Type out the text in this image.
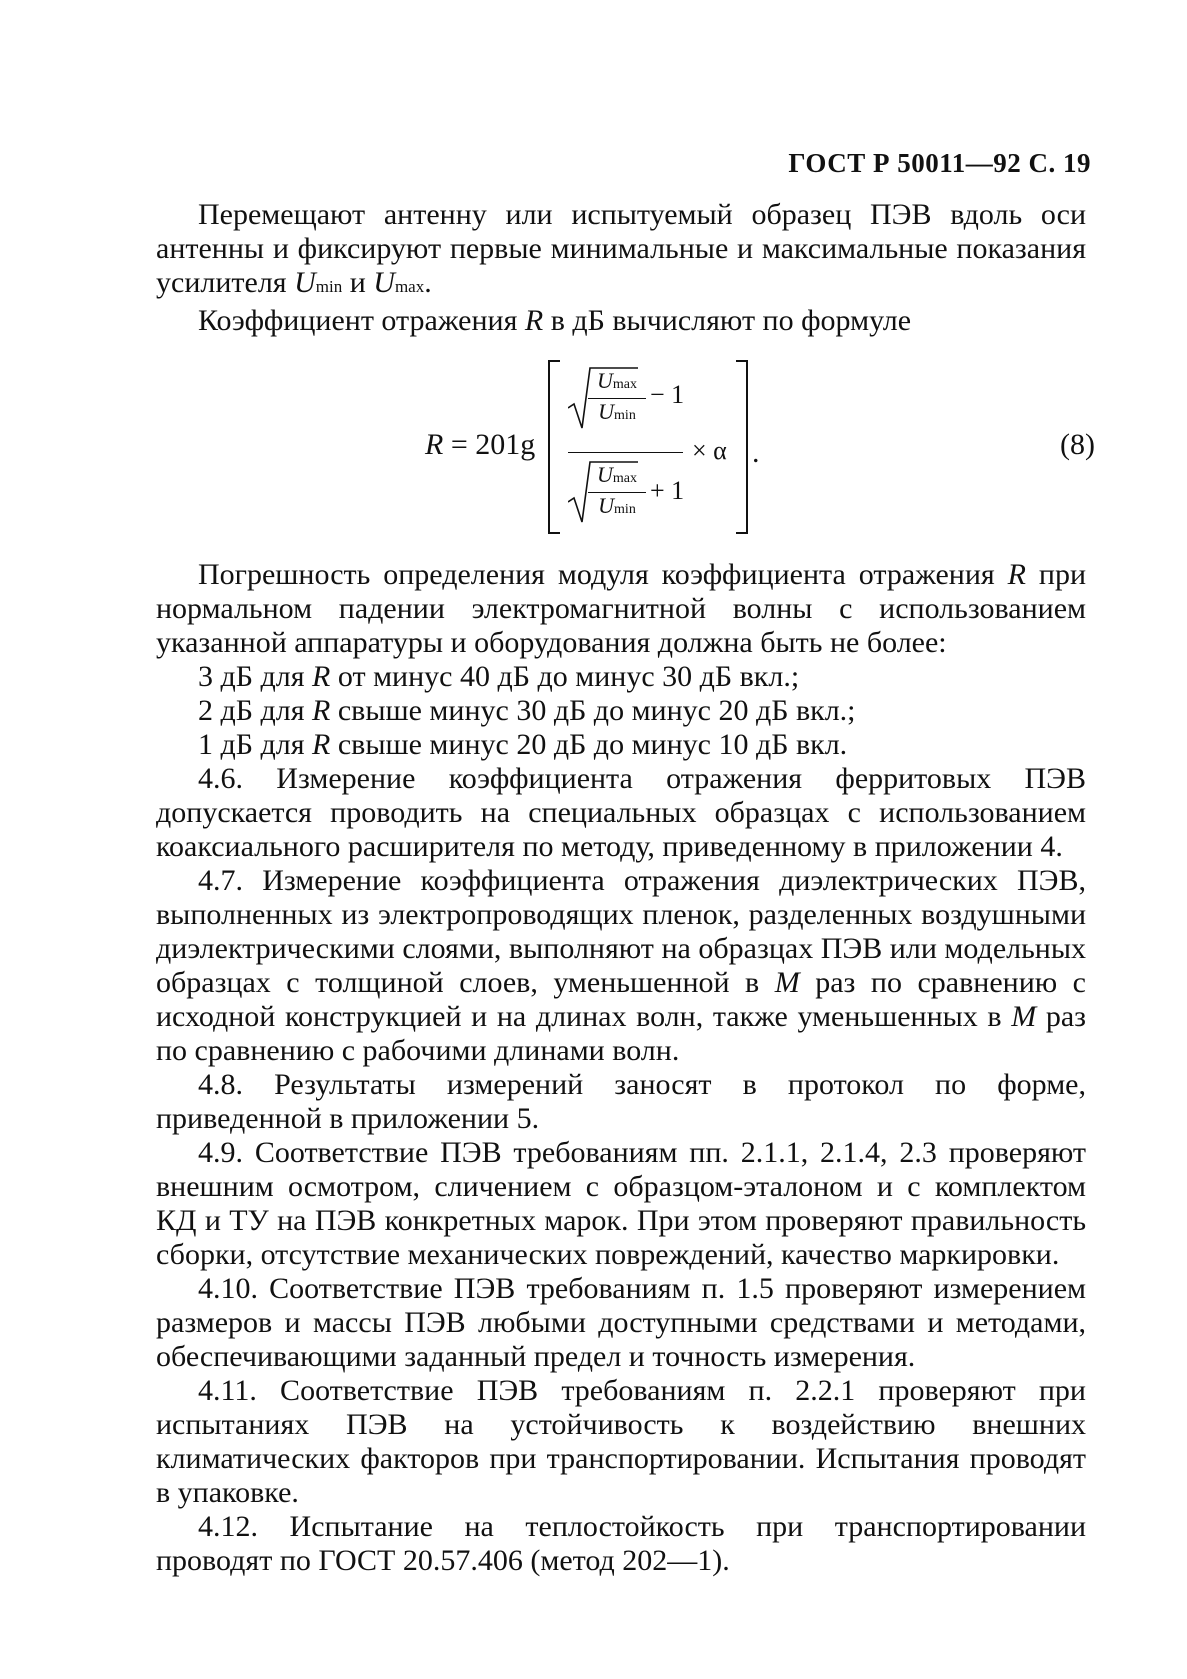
ГОСТ Р 50011—92 С. 19

Перемещают антенну или испытуемый образец ПЭВ вдоль оси антенны и фиксируют первые минимальные и максимальные показания усилителя Umin и Umax.

Коэффициент отражения R в дБ вычисляют по формуле

R = 201g
Umax
Umin
− 1
× α
Umax
Umin
+ 1
.	(8)

Погрешность определения модуля коэффициента отражения R при нормальном падении электромагнитной волны с использованием указанной аппаратуры и оборудования должна быть не более:

3 дБ для R от минус 40 дБ до минус 30 дБ вкл.;

2 дБ для R свыше минус 30 дБ до минус 20 дБ вкл.;

1 дБ для R свыше минус 20 дБ до минус 10 дБ вкл.

4.6. Измерение коэффициента отражения ферритовых ПЭВ допускается проводить на специальных образцах с использованием коаксиального расширителя по методу, приведенному в приложении 4.

4.7. Измерение коэффициента отражения диэлектрических ПЭВ, выполненных из электропроводящих пленок, разделенных воздушными диэлектрическими слоями, выполняют на образцах ПЭВ или модельных образцах с толщиной слоев, уменьшенной в M раз по сравнению с исходной конструкцией и на длинах волн, также уменьшенных в M раз по сравнению с рабочими длинами волн.

4.8. Результаты измерений заносят в протокол по форме, приведенной в приложении 5.

4.9. Соответствие ПЭВ требованиям пп. 2.1.1, 2.1.4, 2.3 проверяют внешним осмотром, сличением с образцом-эталоном и с комплектом КД и ТУ на ПЭВ конкретных марок. При этом проверяют правильность сборки, отсутствие механических повреждений, качество маркировки.

4.10. Соответствие ПЭВ требованиям п. 1.5 проверяют измерением размеров и массы ПЭВ любыми доступными средствами и методами, обеспечивающими заданный предел и точность измерения.

4.11. Соответствие ПЭВ требованиям п. 2.2.1 проверяют при испытаниях ПЭВ на устойчивость к воздействию внешних климатических факторов при транспортировании. Испытания проводят в упаковке.

4.12. Испытание на теплостойкость при транспортировании проводят по ГОСТ 20.57.406 (метод 202—1).
